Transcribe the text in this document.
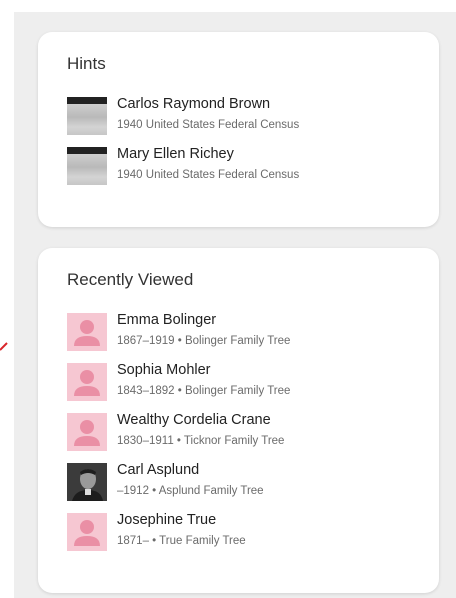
Hints
Carlos Raymond Brown
1940 United States Federal Census
Mary Ellen Richey
1940 United States Federal Census
Recently Viewed
Emma Bolinger
1867–1919 • Bolinger Family Tree
Sophia Mohler
1843–1892 • Bolinger Family Tree
Wealthy Cordelia Crane
1830–1911 • Ticknor Family Tree
Carl Asplund
–1912 • Asplund Family Tree
Josephine True
1871– • True Family Tree
